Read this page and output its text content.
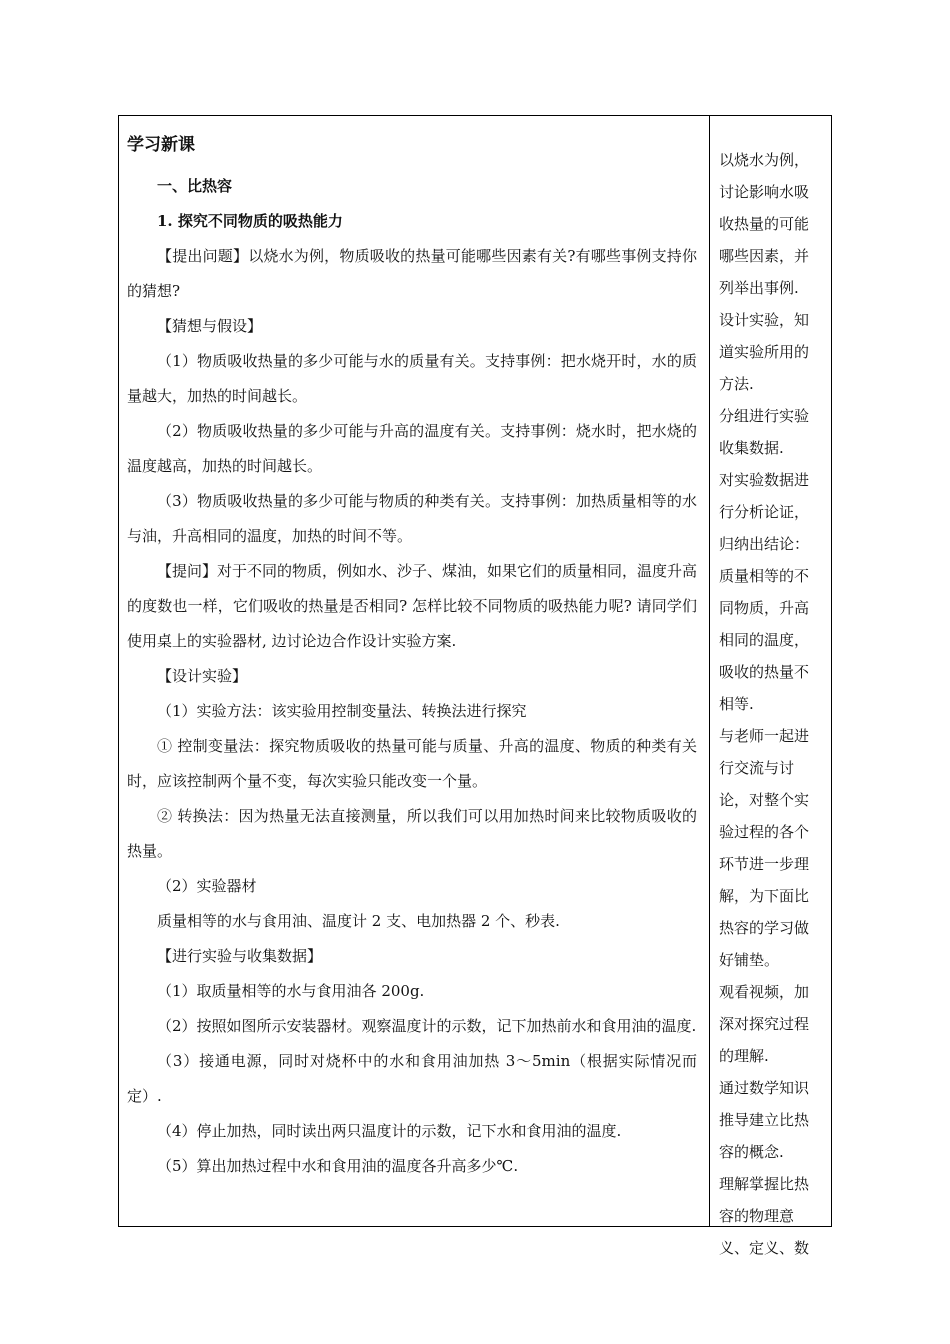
学习新课

一、比热容

1. 探究不同物质的吸热能力

【提出问题】以烧水为例，物质吸收的热量可能哪些因素有关?有哪些事例支持你的猜想?

【猜想与假设】

（1）物质吸收热量的多少可能与水的质量有关。支持事例：把水烧开时，水的质量越大，加热的时间越长。

（2）物质吸收热量的多少可能与升高的温度有关。支持事例：烧水时，把水烧的温度越高，加热的时间越长。

（3）物质吸收热量的多少可能与物质的种类有关。支持事例：加热质量相等的水与油，升高相同的温度，加热的时间不等。

【提问】对于不同的物质，例如水、沙子、煤油，如果它们的质量相同，温度升高的度数也一样，它们吸收的热量是否相同? 怎样比较不同物质的吸热能力呢? 请同学们使用桌上的实验器材, 边讨论边合作设计实验方案.

【设计实验】

（1）实验方法：该实验用控制变量法、转换法进行探究

① 控制变量法：探究物质吸收的热量可能与质量、升高的温度、物质的种类有关时，应该控制两个量不变，每次实验只能改变一个量。

② 转换法：因为热量无法直接测量，所以我们可以用加热时间来比较物质吸收的热量。

（2）实验器材

质量相等的水与食用油、温度计 2 支、电加热器 2 个、秒表.

【进行实验与收集数据】

（1）取质量相等的水与食用油各 200g.

（2）按照如图所示安装器材。观察温度计的示数，记下加热前水和食用油的温度.

（3）接通电源，同时对烧杯中的水和食用油加热 3～5min（根据实际情况而定）.

（4）停止加热，同时读出两只温度计的示数，记下水和食用油的温度.

（5）算出加热过程中水和食用油的温度各升高多少℃.

以烧水为例，讨论影响水吸收热量的可能哪些因素，并列举出事例.

设计实验，知道实验所用的方法.

分组进行实验收集数据.

对实验数据进行分析论证，归纳出结论：质量相等的不同物质，升高相同的温度，吸收的热量不相等.

与老师一起进行交流与讨论，对整个实验过程的各个环节进一步理解，为下面比热容的学习做好铺垫。

观看视频，加深对探究过程的理解.

通过数学知识推导建立比热容的概念.

理解掌握比热容的物理意义、定义、数
